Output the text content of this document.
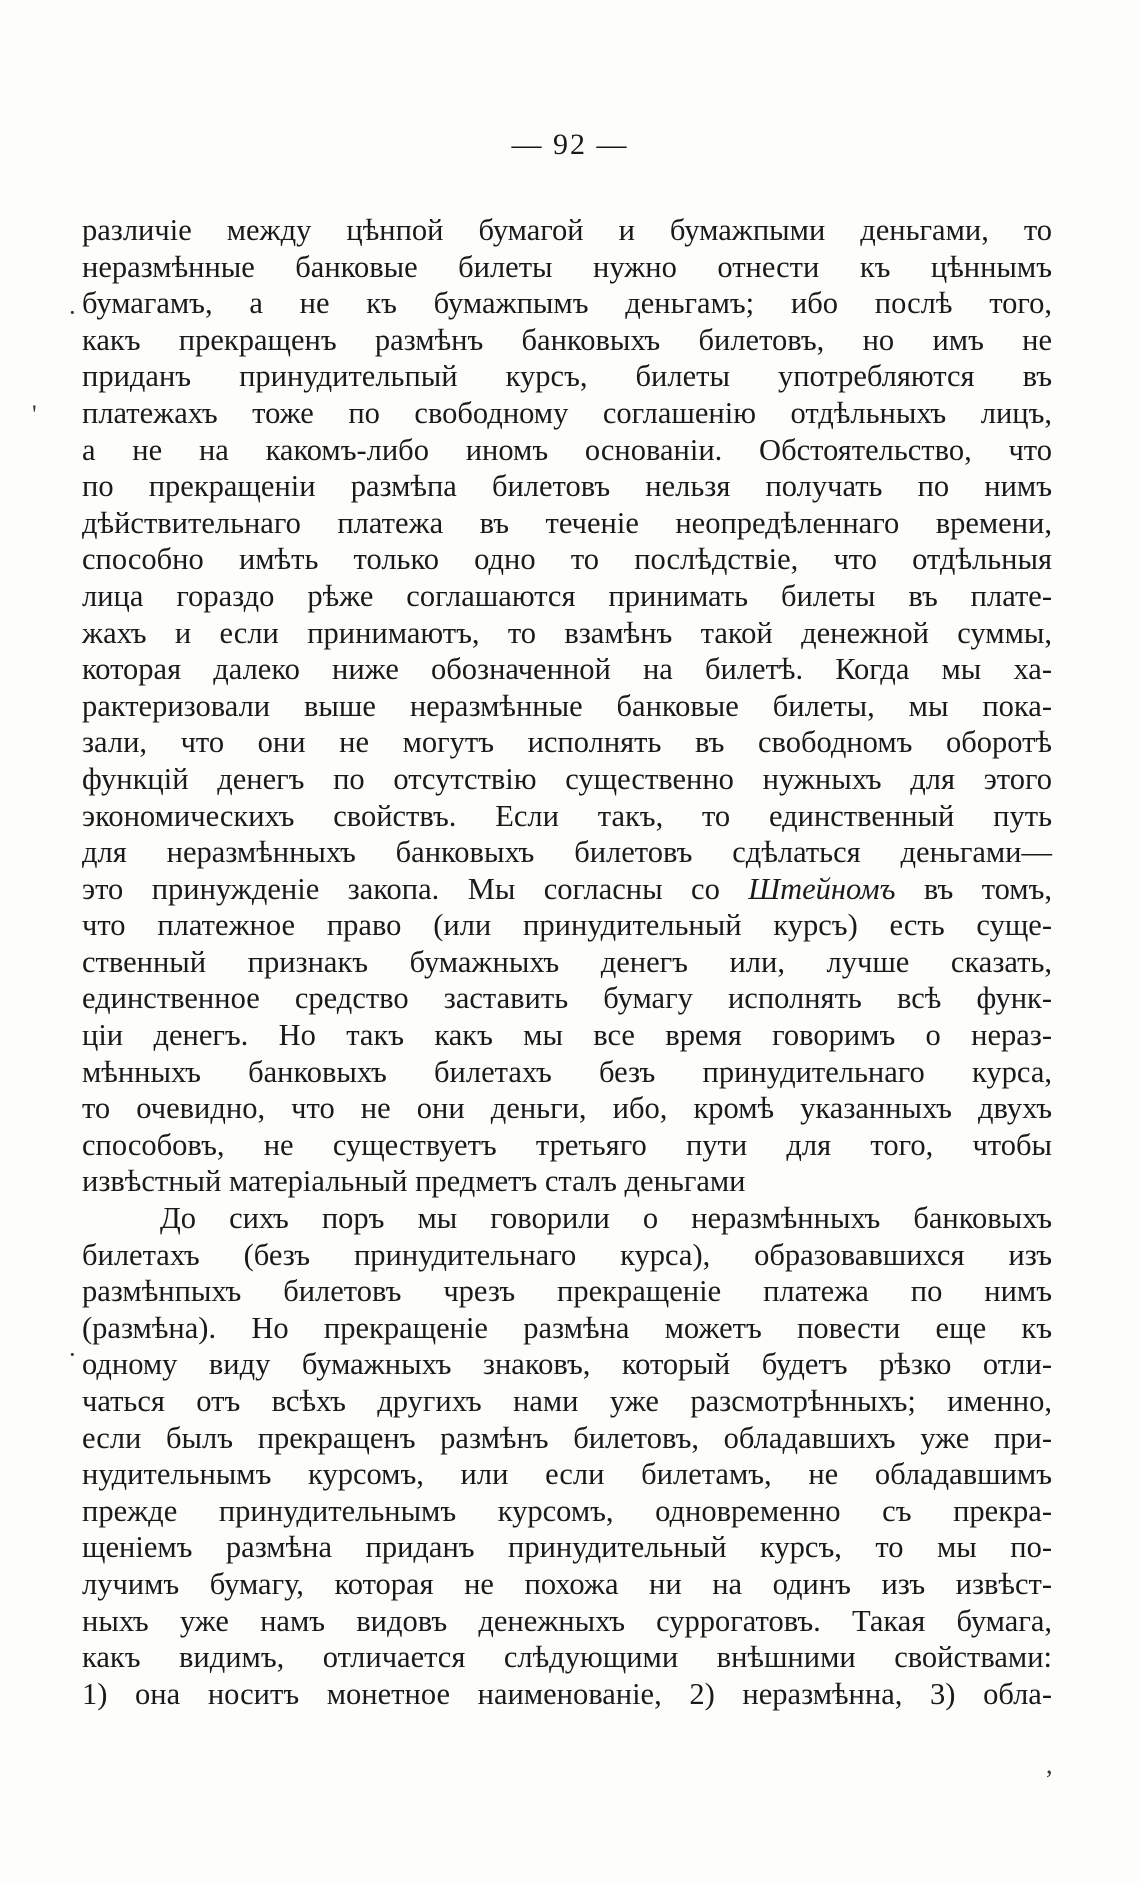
— 92 —
различіе между цѣнпой бумагой и бумажпыми деньгами, то
неразмѣнные банковые билеты нужно отнести къ цѣннымъ
бумагамъ, а не къ бумажпымъ деньгамъ; ибо послѣ того,
какъ прекращенъ размѣнъ банковыхъ билетовъ, но имъ не
приданъ принудительпый курсъ, билеты употребляются въ
платежахъ тоже по свободному соглашенію отдѣльныхъ лицъ,
а не на какомъ-либо иномъ основаніи. Обстоятельство, что
по прекращеніи размѣпа билетовъ нельзя получать по нимъ
дѣйствительнаго платежа въ теченіе неопредѣленнаго времени,
способно имѣть только одно то послѣдствіе, что отдѣльныя
лица гораздо рѣже соглашаются принимать билеты въ плате-
жахъ и если принимаютъ, то взамѣнъ такой денежной суммы,
которая далеко ниже обозначенной на билетѣ. Когда мы ха-
рактеризовали выше неразмѣнные банковые билеты, мы пока-
зали, что они не могутъ исполнять въ свободномъ оборотѣ
функцій денегъ по отсутствію существенно нужныхъ для этого
экономическихъ свойствъ. Если такъ, то единственный путь
для неразмѣнныхъ банковыхъ билетовъ сдѣлаться деньгами—
это принужденіе закопа. Мы согласны со Штейномъ въ томъ,
что платежное право (или принудительный курсъ) есть суще-
ственный признакъ бумажныхъ денегъ или, лучше сказать,
единственное средство заставить бумагу исполнять всѣ функ-
ціи денегъ. Но такъ какъ мы все время говоримъ о нераз-
мѣнныхъ банковыхъ билетахъ безъ принудительнаго курса,
то очевидно, что не они деньги, ибо, кромѣ указанныхъ двухъ
способовъ, не существуетъ третьяго пути для того, чтобы
извѣстный матеріальный предметъ сталъ деньгами
До сихъ поръ мы говорили о неразмѣнныхъ банковыхъ
билетахъ (безъ принудительнаго курса), образовавшихся изъ
размѣнпыхъ билетовъ чрезъ прекращеніе платежа по нимъ
(размѣна). Но прекращеніе размѣна можетъ повести еще къ
одному виду бумажныхъ знаковъ, который будетъ рѣзко отли-
чаться отъ всѣхъ другихъ нами уже разсмотрѣнныхъ; именно,
если былъ прекращенъ размѣнъ билетовъ, обладавшихъ уже при-
нудительнымъ курсомъ, или если билетамъ, не обладавшимъ
прежде принудительнымъ курсомъ, одновременно съ прекра-
щеніемъ размѣна приданъ принудительный курсъ, то мы по-
лучимъ бумагу, которая не похожа ни на одинъ изъ извѣст-
ныхъ уже намъ видовъ денежныхъ суррогатовъ. Такая бумага,
какъ видимъ, отличается слѣдующими внѣшними свойствами:
1) она носитъ монетное наименованіе, 2) неразмѣнна, 3) обла-
·
'
·
,
